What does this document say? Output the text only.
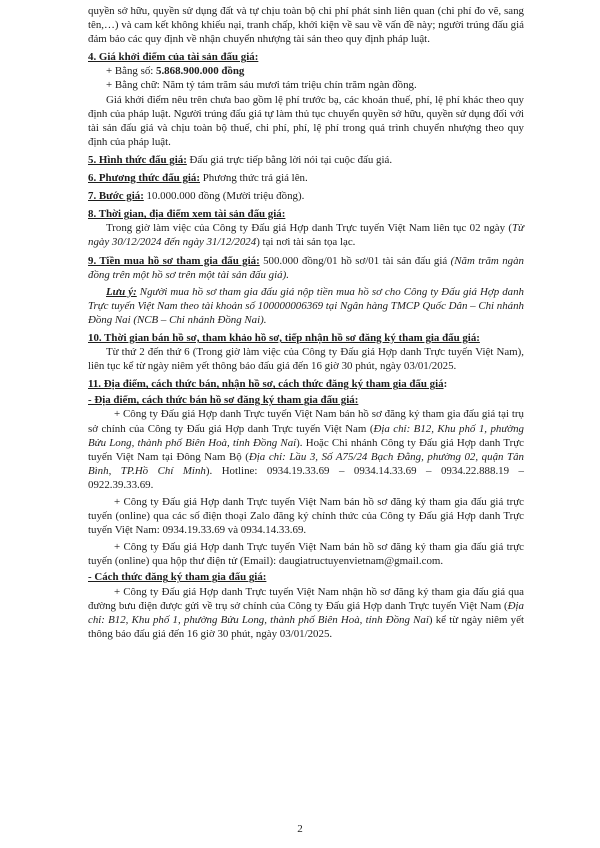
quyền sở hữu, quyền sử dụng đất và tự chịu toàn bộ chi phí phát sinh liên quan (chi phí đo vẽ, sang tên,…) và cam kết không khiếu nại, tranh chấp, khởi kiện về sau về vấn đề này; người trúng đấu giá đảm bảo các quy định về nhận chuyển nhượng tài sản theo quy định pháp luật.

4. Giá khởi điểm của tài sản đấu giá:

+ Bằng số: 5.868.900.000 đồng

+ Bằng chữ: Năm tỷ tám trăm sáu mươi tám triệu chín trăm ngàn đồng.

Giá khởi điểm nêu trên chưa bao gồm lệ phí trước bạ, các khoản thuế, phí, lệ phí khác theo quy định của pháp luật. Người trúng đấu giá tự làm thủ tục chuyển quyền sở hữu, quyền sử dụng đối với tài sản đấu giá và chịu toàn bộ thuế, chi phí, phí, lệ phí trong quá trình chuyển nhượng theo quy định của pháp luật.

5. Hình thức đấu giá: Đấu giá trực tiếp bằng lời nói tại cuộc đấu giá.

6. Phương thức đấu giá: Phương thức trả giá lên.

7. Bước giá: 10.000.000 đồng (Mười triệu đồng).

8. Thời gian, địa điểm xem tài sản đấu giá:

Trong giờ làm việc của Công ty Đấu giá Hợp danh Trực tuyến Việt Nam liên tục 02 ngày (Từ ngày 30/12/2024 đến ngày 31/12/2024) tại nơi tài sản tọa lạc.

9. Tiền mua hồ sơ tham gia đấu giá: 500.000 đồng/01 hồ sơ/01 tài sản đấu giá (Năm trăm ngàn đồng trên một hồ sơ trên một tài sản đấu giá).

Lưu ý: Người mua hồ sơ tham gia đấu giá nộp tiền mua hồ sơ cho Công ty Đấu giá Hợp danh Trực tuyến Việt Nam theo tài khoản số 100000006369 tại Ngân hàng TMCP Quốc Dân – Chi nhánh Đồng Nai (NCB – Chi nhánh Đồng Nai).

10. Thời gian bán hồ sơ, tham khảo hồ sơ, tiếp nhận hồ sơ đăng ký tham gia đấu giá:

Từ thứ 2 đến thứ 6 (Trong giờ làm việc của Công ty Đấu giá Hợp danh Trực tuyến Việt Nam), liên tục kể từ ngày niêm yết thông báo đấu giá đến 16 giờ 30 phút, ngày 03/01/2025.

11. Địa điểm, cách thức bán, nhận hồ sơ, cách thức đăng ký tham gia đấu giá:

- Địa điểm, cách thức bán hồ sơ đăng ký tham gia đấu giá:

+ Công ty Đấu giá Hợp danh Trực tuyến Việt Nam bán hồ sơ đăng ký tham gia đấu giá tại trụ sở chính của Công ty Đấu giá Hợp danh Trực tuyến Việt Nam (Địa chỉ: B12, Khu phố 1, phường Bửu Long, thành phố Biên Hoà, tỉnh Đồng Nai). Hoặc Chi nhánh Công ty Đấu giá Hợp danh Trực tuyến Việt Nam tại Đông Nam Bộ (Địa chỉ: Lầu 3, Số A75/24 Bạch Đằng, phường 02, quận Tân Bình, TP.Hồ Chí Minh). Hotline: 0934.19.33.69 – 0934.14.33.69 – 0934.22.888.19 – 0922.39.33.69.

+ Công ty Đấu giá Hợp danh Trực tuyến Việt Nam bán hồ sơ đăng ký tham gia đấu giá trực tuyến (online) qua các số điện thoại Zalo đăng ký chính thức của Công ty Đấu giá Hợp danh Trực tuyến Việt Nam: 0934.19.33.69 và 0934.14.33.69.

+ Công ty Đấu giá Hợp danh Trực tuyến Việt Nam bán hồ sơ đăng ký tham gia đấu giá trực tuyến (online) qua hộp thư điện tử (Email): daugiatructuyenvietnam@gmail.com.

- Cách thức đăng ký tham gia đấu giá:

+ Công ty Đấu giá Hợp danh Trực tuyến Việt Nam nhận hồ sơ đăng ký tham gia đấu giá qua đường bưu điện được gửi về trụ sở chính của Công ty Đấu giá Hợp danh Trực tuyến Việt Nam (Địa chỉ: B12, Khu phố 1, phường Bửu Long, thành phố Biên Hoà, tỉnh Đồng Nai) kể từ ngày niêm yết thông báo đấu giá đến 16 giờ 30 phút, ngày 03/01/2025.

2
